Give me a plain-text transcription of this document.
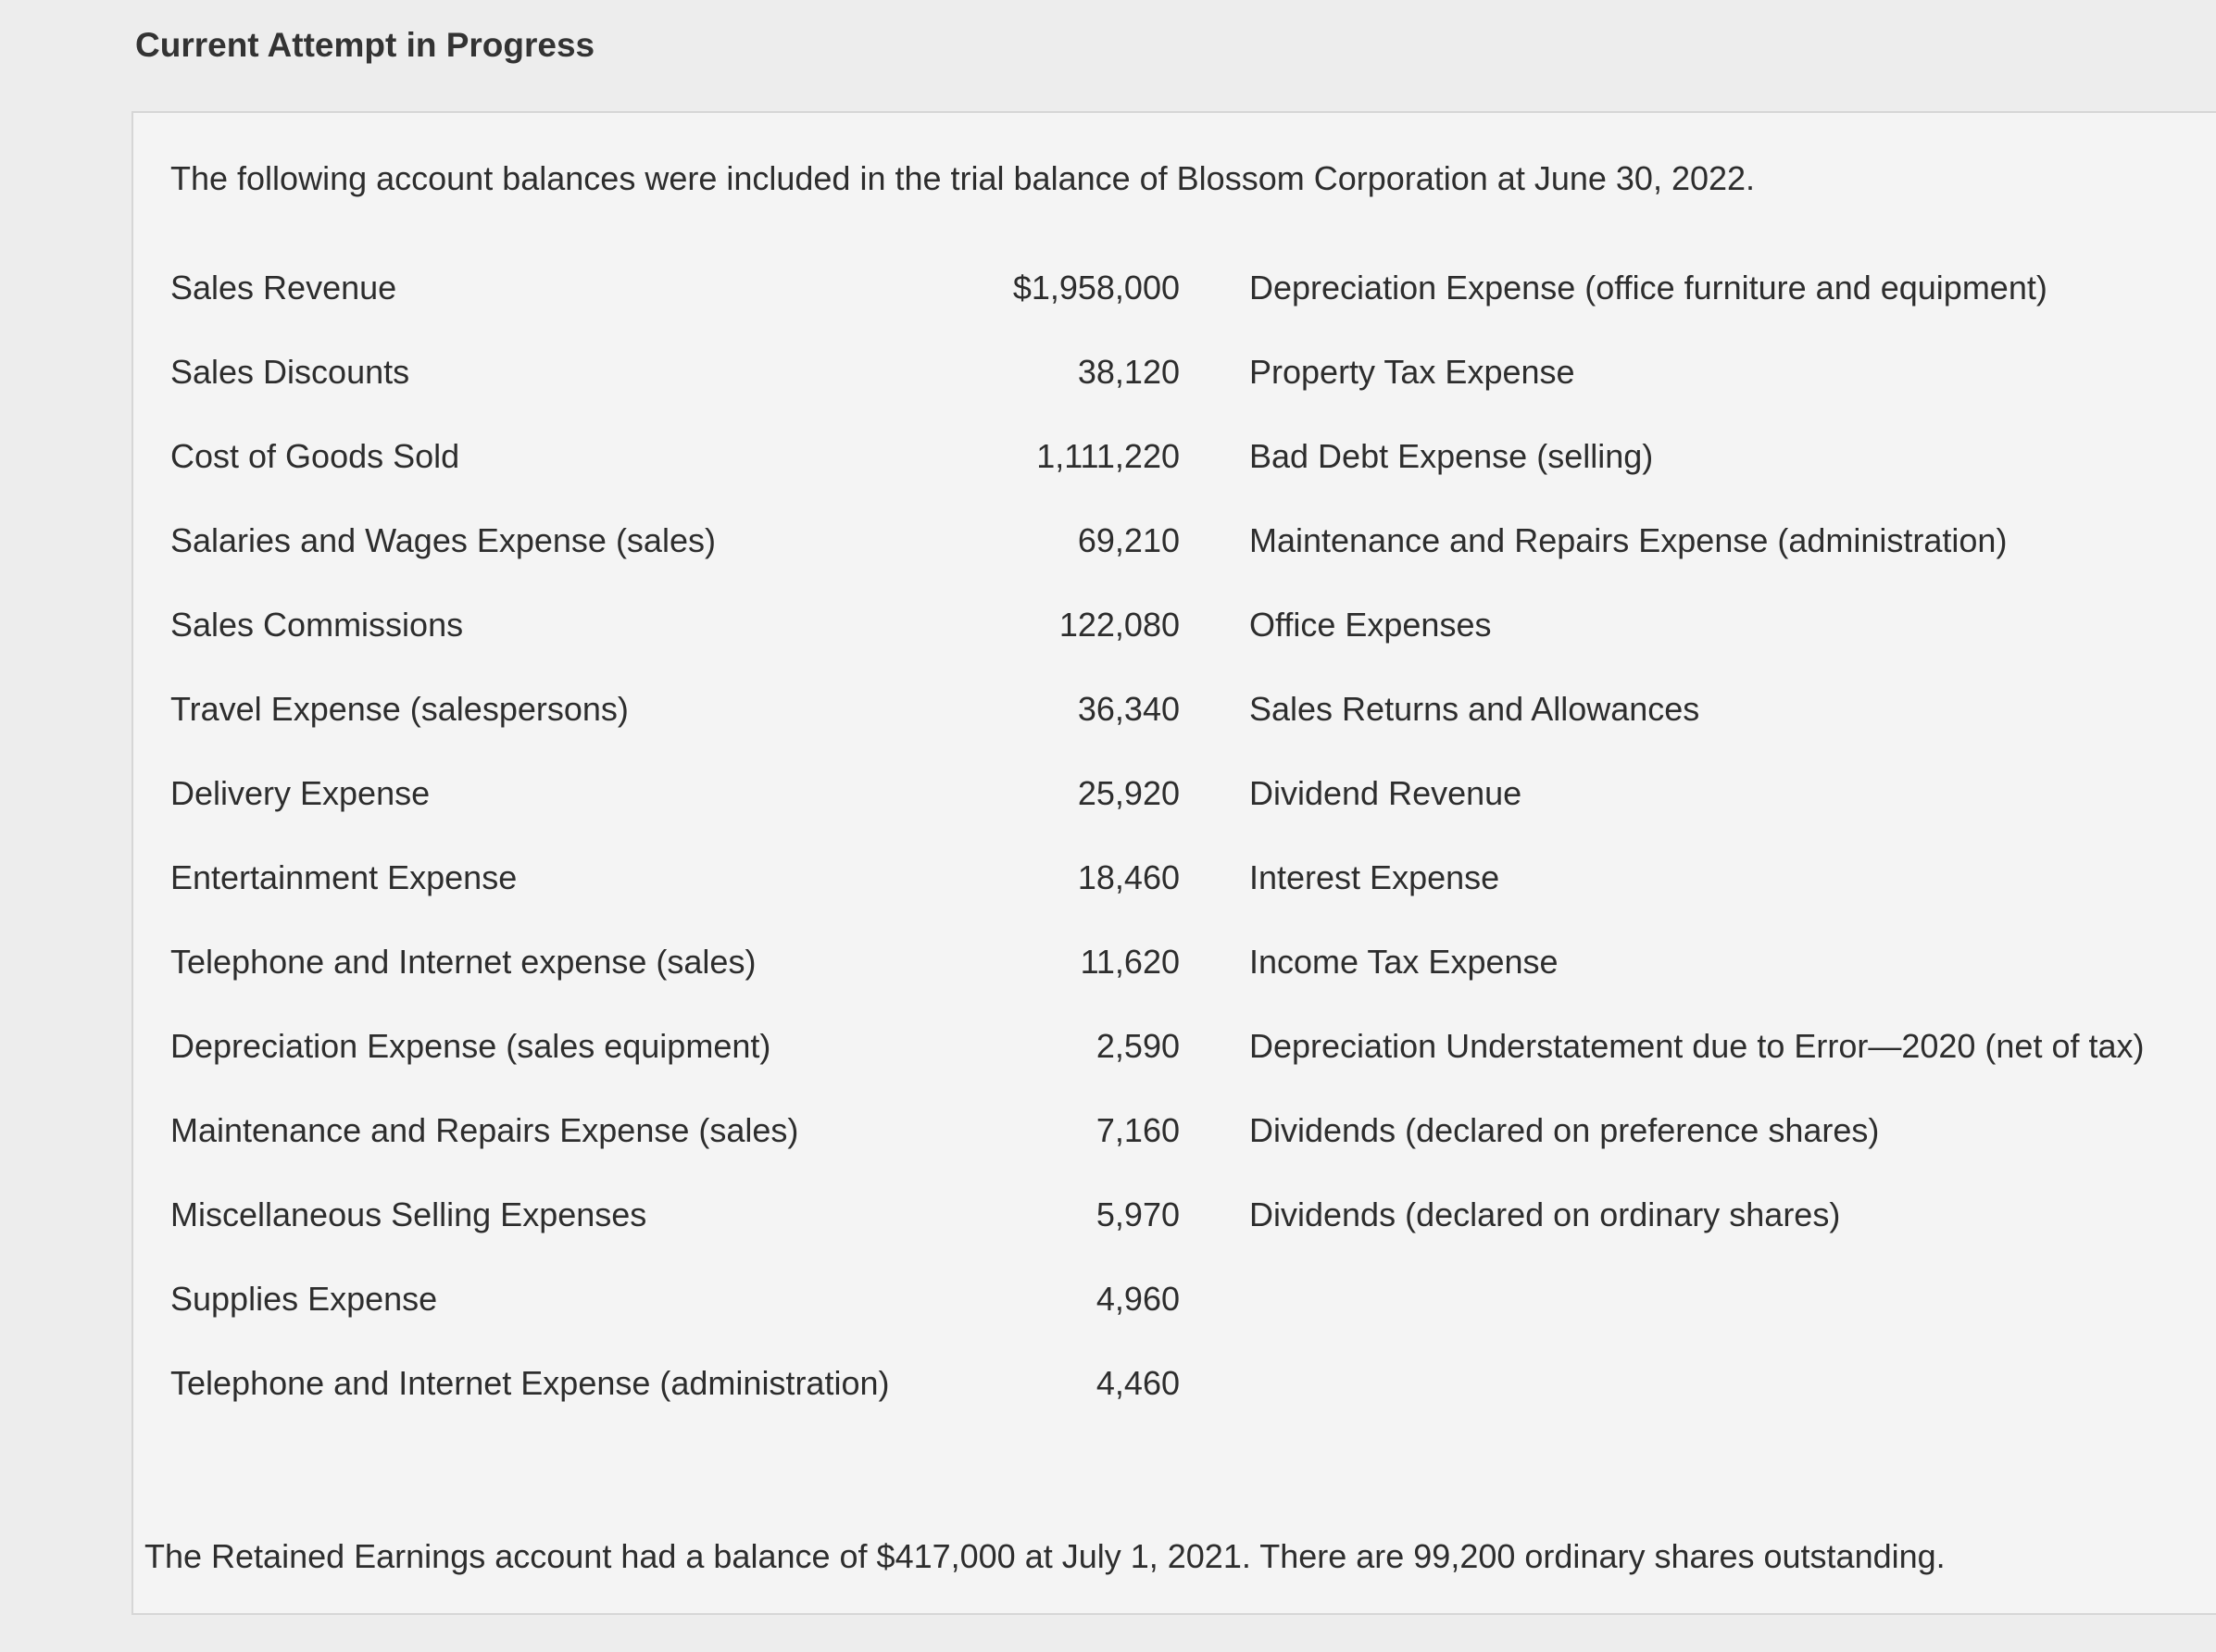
Current Attempt in Progress
The following account balances were included in the trial balance of Blossom Corporation at June 30, 2022.
Sales Revenue	$1,958,000 Depreciation Expense (office furniture and equipment)
Sales Discounts	38,120 Property Tax Expense
Cost of Goods Sold	1,111,220 Bad Debt Expense (selling)
Salaries and Wages Expense (sales)	69,210 Maintenance and Repairs Expense (administration)
Sales Commissions	122,080 Office Expenses
Travel Expense (salespersons)	36,340 Sales Returns and Allowances
Delivery Expense	25,920 Dividend Revenue
Entertainment Expense	18,460 Interest Expense
Telephone and Internet expense (sales)	11,620 Income Tax Expense
Depreciation Expense (sales equipment)	2,590 Depreciation Understatement due to Error—2020 (net of tax)
Maintenance and Repairs Expense (sales)	7,160 Dividends (declared on preference shares)
Miscellaneous Selling Expenses	5,970 Dividends (declared on ordinary shares)
Supplies Expense	4,960
Telephone and Internet Expense (administration)	4,460
The Retained Earnings account had a balance of $417,000 at July 1, 2021. There are 99,200 ordinary shares outstanding.
